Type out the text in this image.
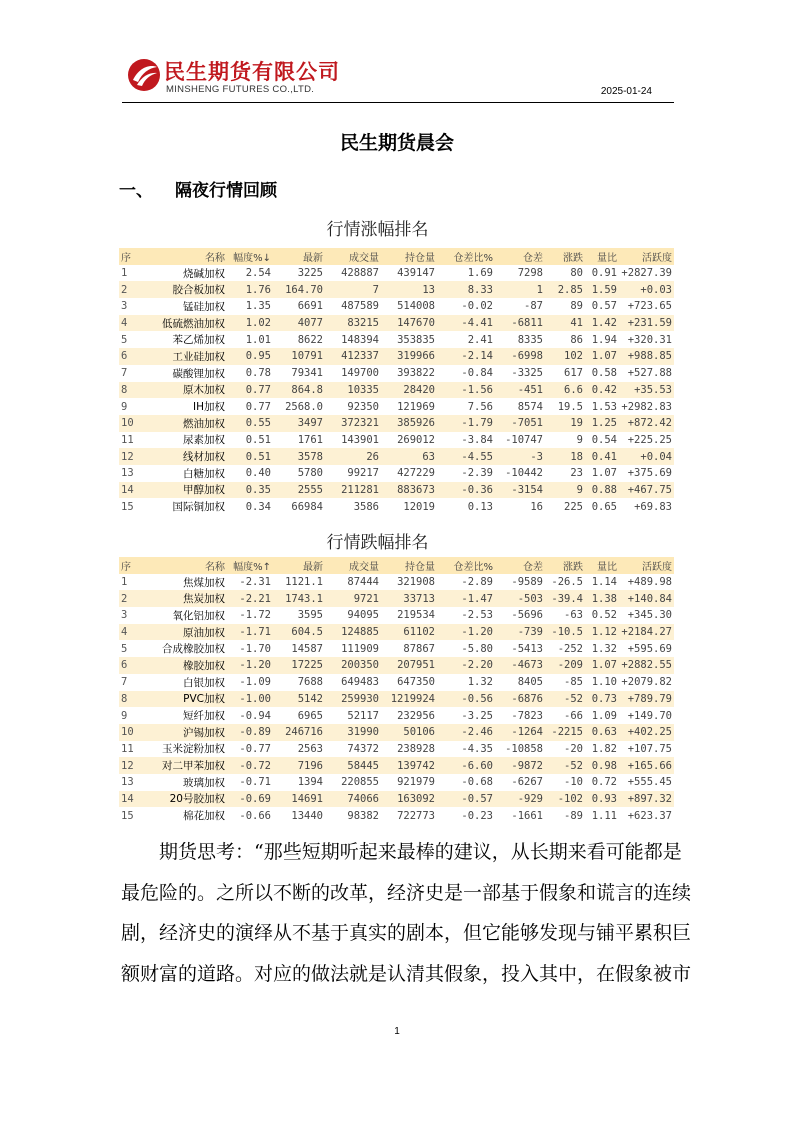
民生期货有限公司
MINSHENG FUTURES CO.,LTD.	2025-01-24
民生期货晨会
一、 隔夜行情回顾
行情涨幅排名
序	名称	幅度%↓	最新	成交量	持仓量	仓差比%	仓差	涨跌	量比	活跃度
1	烧碱加权	2.54	3225	428887	439147	1.69	7298	80	0.91	+2827.39
2	胶合板加权	1.76	164.70	7	13	8.33	1	2.85	1.59	+0.03
3	锰硅加权	1.35	6691	487589	514008	-0.02	-87	89	0.57	+723.65
4	低硫燃油加权	1.02	4077	83215	147670	-4.41	-6811	41	1.42	+231.59
5	苯乙烯加权	1.01	8622	148394	353835	2.41	8335	86	1.94	+320.31
6	工业硅加权	0.95	10791	412337	319966	-2.14	-6998	102	1.07	+988.85
7	碳酸锂加权	0.78	79341	149700	393822	-0.84	-3325	617	0.58	+527.88
8	原木加权	0.77	864.8	10335	28420	-1.56	-451	6.6	0.42	+35.53
9	IH加权	0.77	2568.0	92350	121969	7.56	8574	19.5	1.53	+2982.83
10	燃油加权	0.55	3497	372321	385926	-1.79	-7051	19	1.25	+872.42
11	尿素加权	0.51	1761	143901	269012	-3.84	-10747	9	0.54	+225.25
12	线材加权	0.51	3578	26	63	-4.55	-3	18	0.41	+0.04
13	白糖加权	0.40	5780	99217	427229	-2.39	-10442	23	1.07	+375.69
14	甲醇加权	0.35	2555	211281	883673	-0.36	-3154	9	0.88	+467.75
15	国际铜加权	0.34	66984	3586	12019	0.13	16	225	0.65	+69.83
行情跌幅排名
序	名称	幅度%↑	最新	成交量	持仓量	仓差比%	仓差	涨跌	量比	活跃度
1	焦煤加权	-2.31	1121.1	87444	321908	-2.89	-9589	-26.5	1.14	+489.98
2	焦炭加权	-2.21	1743.1	9721	33713	-1.47	-503	-39.4	1.38	+140.84
3	氧化铝加权	-1.72	3595	94095	219534	-2.53	-5696	-63	0.52	+345.30
4	原油加权	-1.71	604.5	124885	61102	-1.20	-739	-10.5	1.12	+2184.27
5	合成橡胶加权	-1.70	14587	111909	87867	-5.80	-5413	-252	1.32	+595.69
6	橡胶加权	-1.20	17225	200350	207951	-2.20	-4673	-209	1.07	+2882.55
7	白银加权	-1.09	7688	649483	647350	1.32	8405	-85	1.10	+2079.82
8	PVC加权	-1.00	5142	259930	1219924	-0.56	-6876	-52	0.73	+789.79
9	短纤加权	-0.94	6965	52117	232956	-3.25	-7823	-66	1.09	+149.70
10	沪锡加权	-0.89	246716	31990	50106	-2.46	-1264	-2215	0.63	+402.25
11	玉米淀粉加权	-0.77	2563	74372	238928	-4.35	-10858	-20	1.82	+107.75
12	对二甲苯加权	-0.72	7196	58445	139742	-6.60	-9872	-52	0.98	+165.66
13	玻璃加权	-0.71	1394	220855	921979	-0.68	-6267	-10	0.72	+555.45
14	20号胶加权	-0.69	14691	74066	163092	-0.57	-929	-102	0.93	+897.32
15	棉花加权	-0.66	13440	98382	722773	-0.23	-1661	-89	1.11	+623.37
期货思考：“那些短期听起来最棒的建议，从长期来看可能都是
最危险的。之所以不断的改革，经济史是一部基于假象和谎言的连续
剧，经济史的演绎从不基于真实的剧本，但它能够发现与铺平累积巨
额财富的道路。对应的做法就是认清其假象，投入其中，在假象被市
1
